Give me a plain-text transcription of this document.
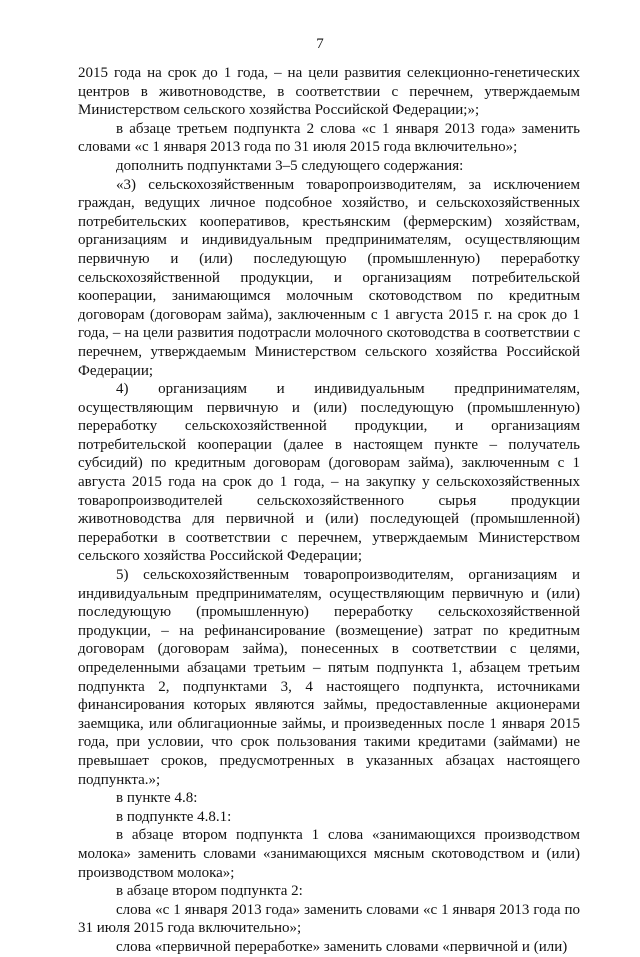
7

2015 года на срок до 1 года, – на цели развития селекционно-генетических центров в животноводстве, в соответствии с перечнем, утверждаемым Министерством сельского хозяйства Российской Федерации;»;

в абзаце третьем подпункта 2 слова «с 1 января 2013 года» заменить словами «с 1 января 2013 года по 31 июля 2015 года включительно»;

дополнить подпунктами 3–5 следующего содержания:

«3) сельскохозяйственным товаропроизводителям, за исключением граждан, ведущих личное подсобное хозяйство, и сельскохозяйственных потребительских кооперативов, крестьянским (фермерским) хозяйствам, организациям и индивидуальным предпринимателям, осуществляющим первичную и (или) последующую (промышленную) переработку сельскохозяйственной продукции, и организациям потребительской кооперации, занимающимся молочным скотоводством по кредитным договорам (договорам займа), заключенным с 1 августа 2015 г. на срок до 1 года, – на цели развития подотрасли молочного скотоводства в соответствии с перечнем, утверждаемым Министерством сельского хозяйства Российской Федерации;

4) организациям и индивидуальным предпринимателям, осуществляющим первичную и (или) последующую (промышленную) переработку сельскохозяйственной продукции, и организациям потребительской кооперации (далее в настоящем пункте – получатель субсидий) по кредитным договорам (договорам займа), заключенным с 1 августа 2015 года на срок до 1 года, – на закупку у сельскохозяйственных товаропроизводителей сельскохозяйственного сырья продукции животноводства для первичной и (или) последующей (промышленной) переработки в соответствии с перечнем, утверждаемым Министерством сельского хозяйства Российской Федерации;

5) сельскохозяйственным товаропроизводителям, организациям и индивидуальным предпринимателям, осуществляющим первичную и (или) последующую (промышленную) переработку сельскохозяйственной продукции, – на рефинансирование (возмещение) затрат по кредитным договорам (договорам займа), понесенных в соответствии с целями, определенными абзацами третьим – пятым подпункта 1, абзацем третьим подпункта 2, подпунктами 3, 4 настоящего подпункта, источниками финансирования которых являются займы, предоставленные акционерами заемщика, или облигационные займы, и произведенных после 1 января 2015 года, при условии, что срок пользования такими кредитами (займами) не превышает сроков, предусмотренных в указанных абзацах настоящего подпункта.»;

в пункте 4.8:

в подпункте 4.8.1:

в абзаце втором подпункта 1 слова «занимающихся производством молока» заменить словами «занимающихся мясным скотоводством и (или) производством молока»;

в абзаце втором подпункта 2:

слова «с 1 января 2013 года» заменить словами «с 1 января 2013 года по 31 июля 2015 года включительно»;

слова «первичной переработке» заменить словами «первичной и (или)
